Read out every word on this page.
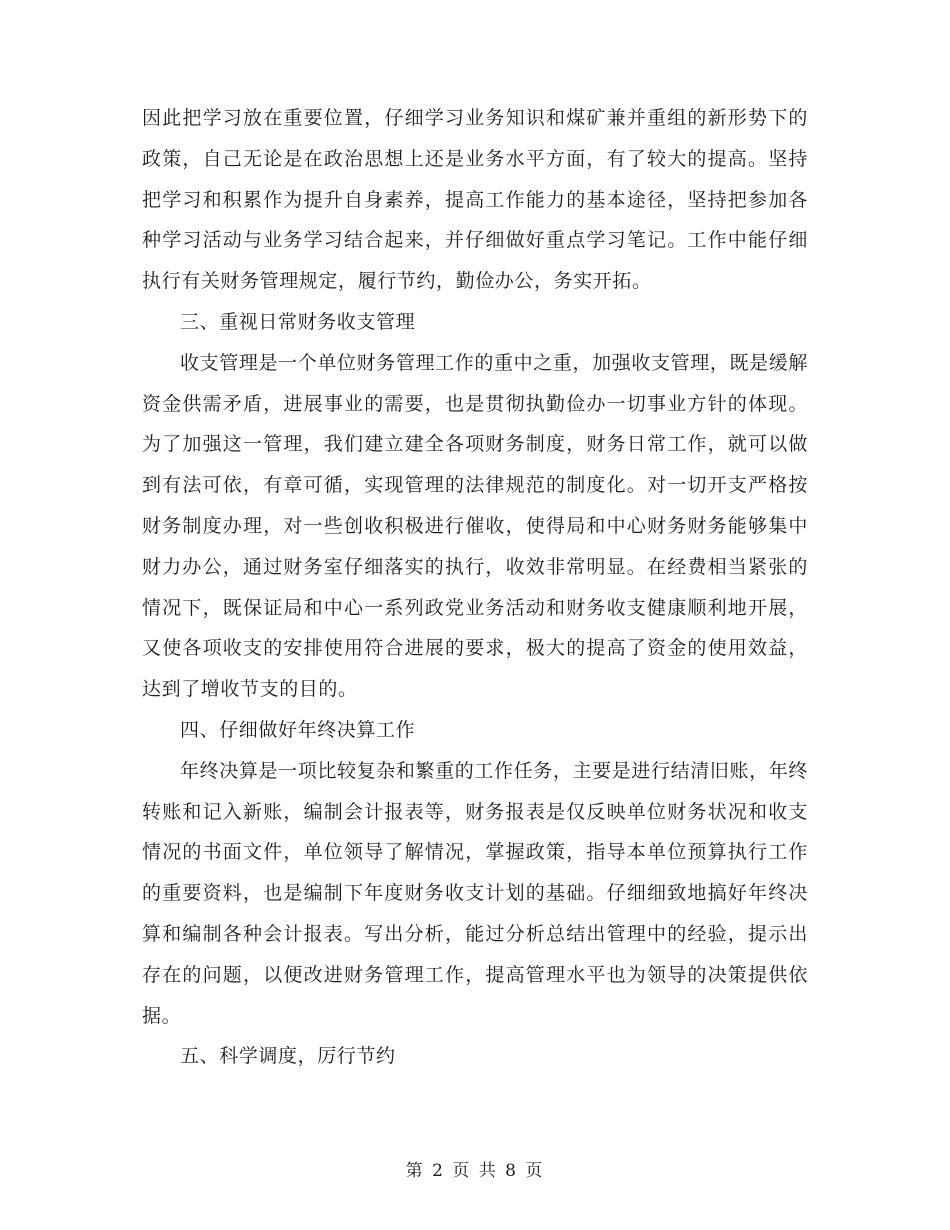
因此把学习放在重要位置，仔细学习业务知识和煤矿兼并重组的新形势下的政策，自己无论是在政治思想上还是业务水平方面，有了较大的提高。坚持把学习和积累作为提升自身素养，提高工作能力的基本途径，坚持把参加各种学习活动与业务学习结合起来，并仔细做好重点学习笔记。工作中能仔细执行有关财务管理规定，履行节约，勤俭办公，务实开拓。

三、重视日常财务收支管理

收支管理是一个单位财务管理工作的重中之重，加强收支管理，既是缓解资金供需矛盾，进展事业的需要，也是贯彻执勤俭办一切事业方针的体现。为了加强这一管理，我们建立建全各项财务制度，财务日常工作，就可以做到有法可依，有章可循，实现管理的法律规范的制度化。对一切开支严格按财务制度办理，对一些创收积极进行催收，使得局和中心财务财务能够集中财力办公，通过财务室仔细落实的执行，收效非常明显。在经费相当紧张的情况下，既保证局和中心一系列政党业务活动和财务收支健康顺利地开展，又使各项收支的安排使用符合进展的要求，极大的提高了资金的使用效益，达到了增收节支的目的。

四、仔细做好年终决算工作

年终决算是一项比较复杂和繁重的工作任务，主要是进行结清旧账，年终转账和记入新账，编制会计报表等，财务报表是仅反映单位财务状况和收支情况的书面文件，单位领导了解情况，掌握政策，指导本单位预算执行工作的重要资料，也是编制下年度财务收支计划的基础。仔细细致地搞好年终决算和编制各种会计报表。写出分析，能过分析总结出管理中的经验，提示出存在的问题，以便改进财务管理工作，提高管理水平也为领导的决策提供依据。

五、科学调度，厉行节约

第 2 页 共 8 页
